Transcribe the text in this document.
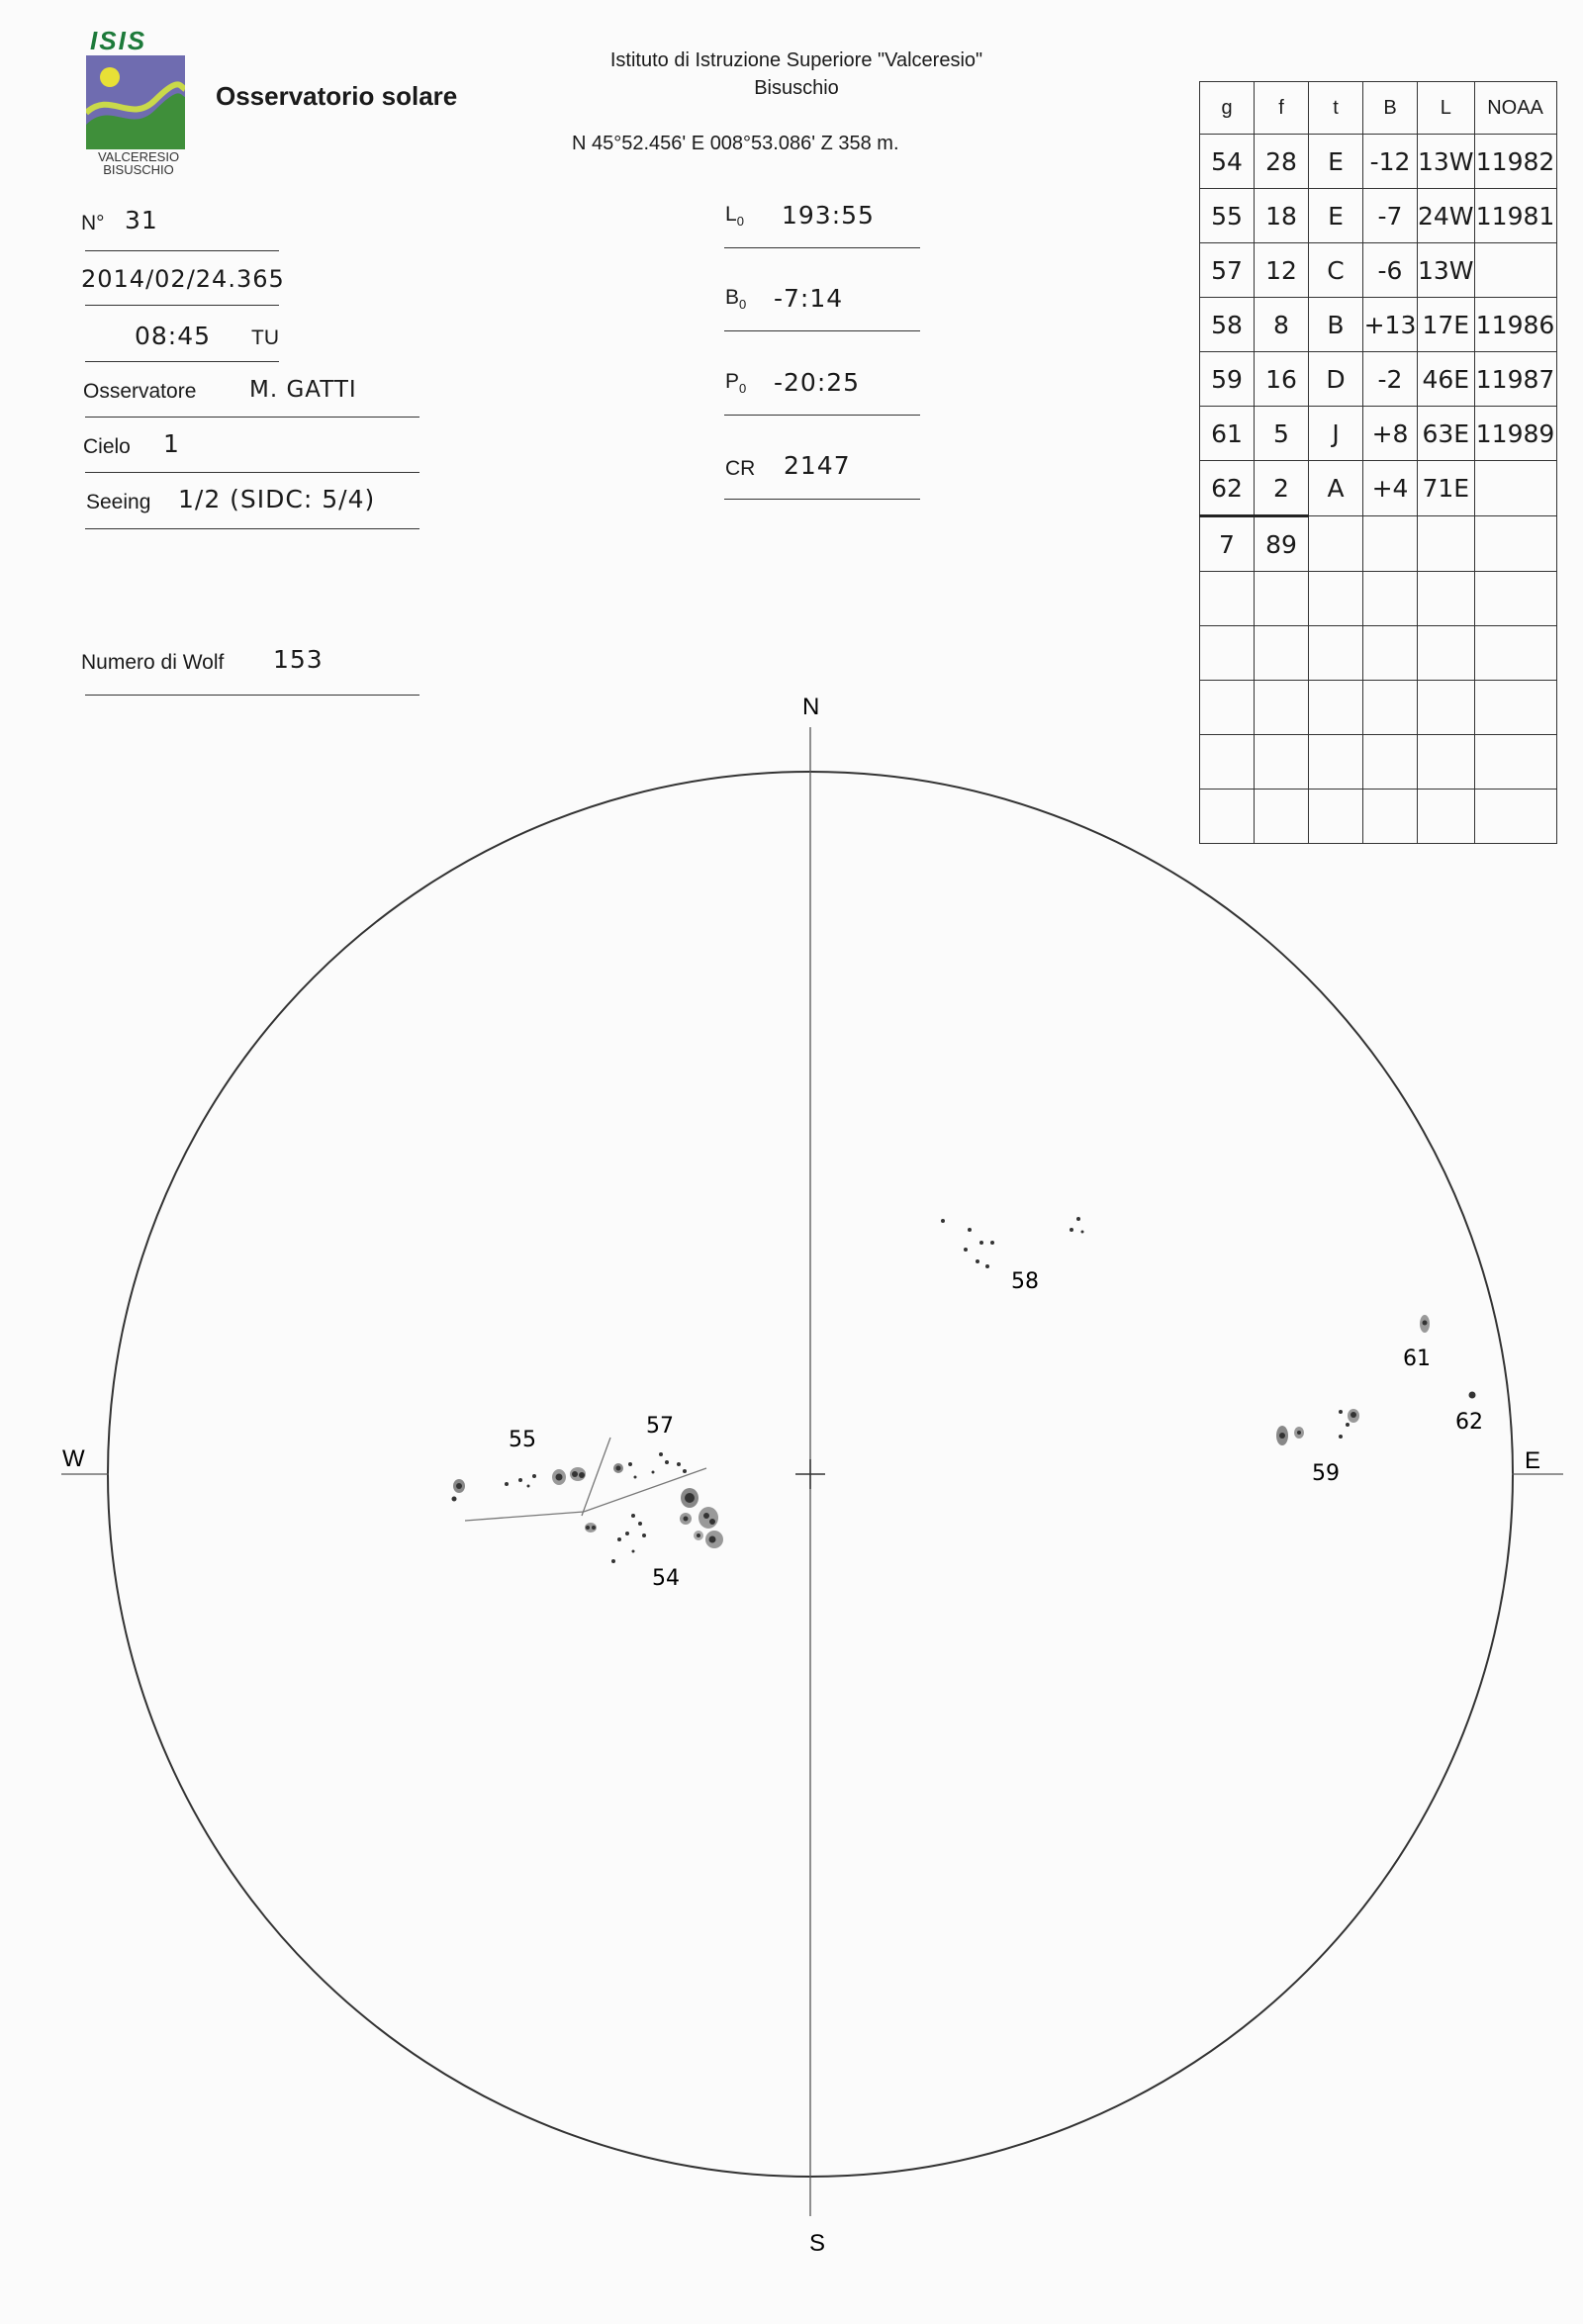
ISIS
VALCERESIO
BISUSCHIO
Osservatorio solare
Istituto di Istruzione Superiore "Valceresio"
Bisuschio
N 45°52.456' E 008°53.086' Z 358 m.
N° 31
2014/02/24.365
08:45 TU
Osservatore M. GATTI
Cielo 1
Seeing 1/2 (SIDC: 5/4)
Numero di Wolf 153
$L_0$ 193:55
$B_0$ -7:14
$P_0$ -20:25
CR 2147
g	f	t	B	L	NOAA
54	28	E	-12	13W	11982
55	18	E	-7	24W	11981
57	12	C	-6	13W	
58	8	B	+13	17E	11986
59	16	D	-2	46E	11987
61	5	J	+8	63E	11989
62	2	A	+4	71E	
7	89				

N
S
W	E
55
57
54
58
59
61
62
